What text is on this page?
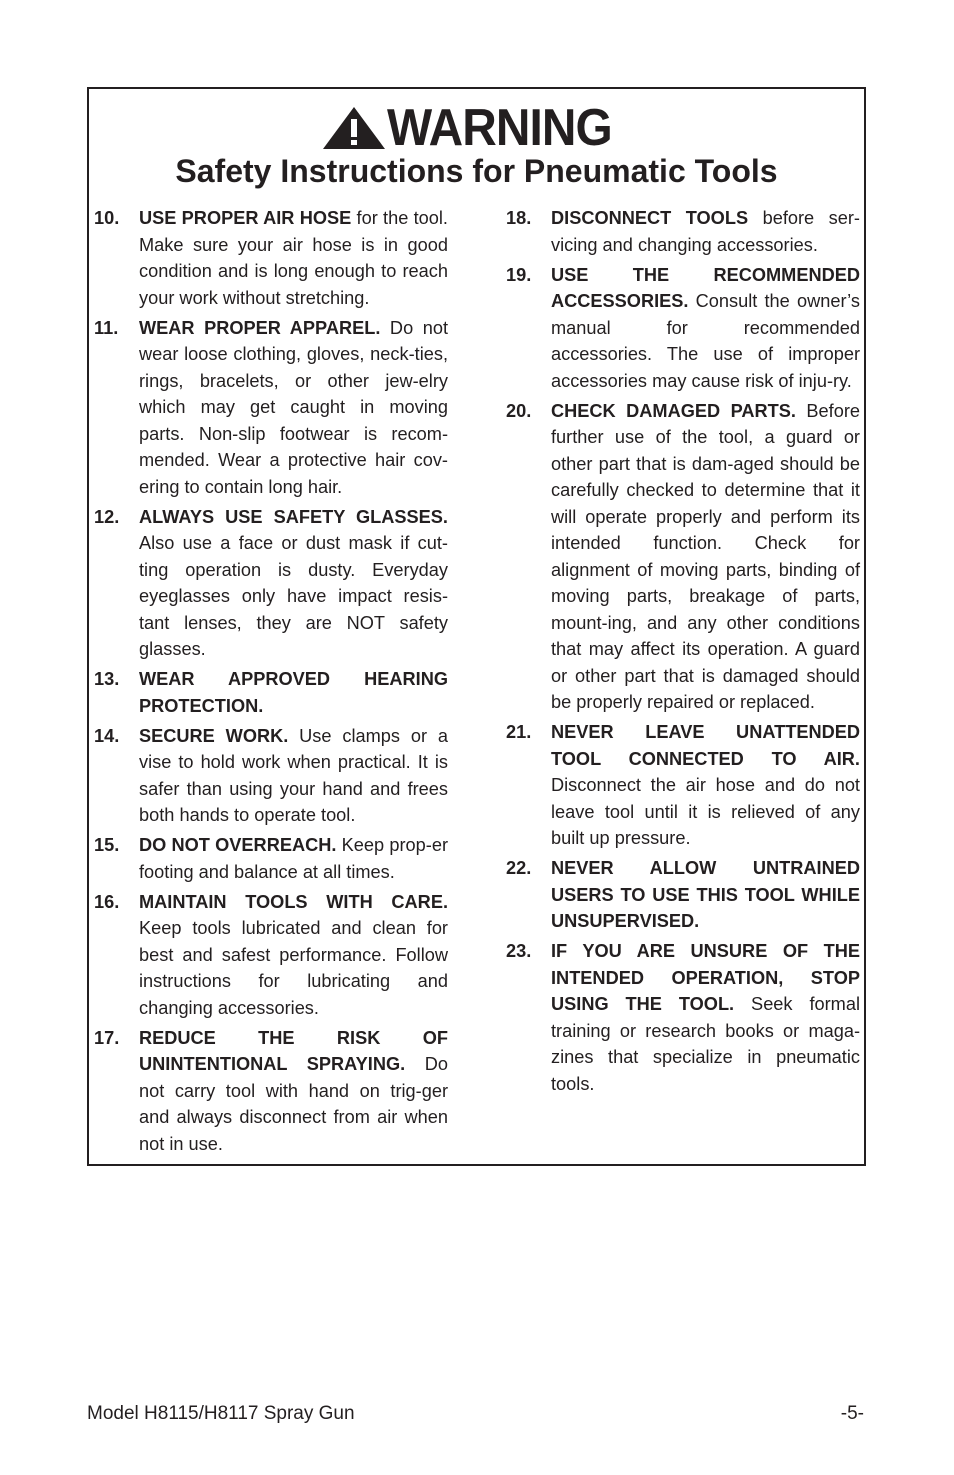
WARNING
Safety Instructions for Pneumatic Tools
10. USE PROPER AIR HOSE for the tool. Make sure your air hose is in good condition and is long enough to reach your work without stretching.
11. WEAR PROPER APPAREL. Do not wear loose clothing, gloves, neck-ties, rings, bracelets, or other jew-elry which may get caught in moving parts. Non-slip footwear is recom-mended. Wear a protective hair cov-ering to contain long hair.
12. ALWAYS USE SAFETY GLASSES. Also use a face or dust mask if cut-ting operation is dusty. Everyday eyeglasses only have impact resis-tant lenses, they are NOT safety glasses.
13. WEAR APPROVED HEARING PROTECTION.
14. SECURE WORK. Use clamps or a vise to hold work when practical. It is safer than using your hand and frees both hands to operate tool.
15. DO NOT OVERREACH. Keep prop-er footing and balance at all times.
16. MAINTAIN TOOLS WITH CARE. Keep tools lubricated and clean for best and safest performance. Follow instructions for lubricating and changing accessories.
17. REDUCE THE RISK OF UNINTENTIONAL SPRAYING. Do not carry tool with hand on trig-ger and always disconnect from air when not in use.
18. DISCONNECT TOOLS before ser-vicing and changing accessories.
19. USE THE RECOMMENDED ACCESSORIES. Consult the owner’s manual for recommended accessories. The use of improper accessories may cause risk of inju-ry.
20. CHECK DAMAGED PARTS. Before further use of the tool, a guard or other part that is dam-aged should be carefully checked to determine that it will operate properly and perform its intended function. Check for alignment of moving parts, binding of moving parts, breakage of parts, mount-ing, and any other conditions that may affect its operation. A guard or other part that is damaged should be properly repaired or replaced.
21. NEVER LEAVE UNATTENDED TOOL CONNECTED TO AIR. Disconnect the air hose and do not leave tool until it is relieved of any built up pressure.
22. NEVER ALLOW UNTRAINED USERS TO USE THIS TOOL WHILE UNSUPERVISED.
23. IF YOU ARE UNSURE OF THE INTENDED OPERATION, STOP USING THE TOOL. Seek formal training or research books or maga-zines that specialize in pneumatic tools.
Model H8115/H8117 Spray Gun	-5-
